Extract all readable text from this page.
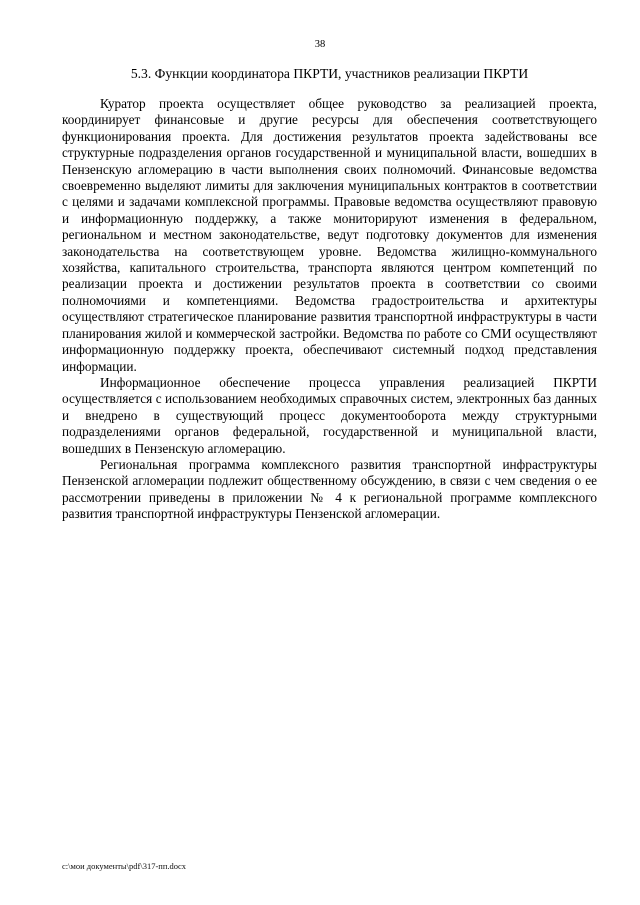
38
5.3. Функции координатора ПКРТИ, участников реализации ПКРТИ

Куратор проекта осуществляет общее руководство за реализацией проекта, координирует финансовые и другие ресурсы для обеспечения соответствующего функционирования проекта. Для достижения результатов проекта задействованы все структурные подразделения органов государственной и муниципальной власти, вошедших в Пензенскую агломерацию в части выполнения своих полномочий. Финансовые ведомства своевременно выделяют лимиты для заключения муниципальных контрактов в соответствии с целями и задачами комплексной программы. Правовые ведомства осуществляют правовую и информационную поддержку, а также мониторируют изменения в федеральном, региональном и местном законодательстве, ведут подготовку документов для изменения законодательства на соответствующем уровне. Ведомства жилищно-коммунального хозяйства, капитального строительства, транспорта являются центром компетенций по реализации проекта и достижении результатов проекта в соответствии со своими полномочиями и компетенциями. Ведомства градостроительства и архитектуры осуществляют стратегическое планирование развития транспортной инфраструктуры в части планирования жилой и коммерческой застройки. Ведомства по работе со СМИ осуществляют информационную поддержку проекта, обеспечивают системный подход представления информации.

Информационное обеспечение процесса управления реализацией ПКРТИ осуществляется с использованием необходимых справочных систем, электронных баз данных и внедрено в существующий процесс документооборота между структурными подразделениями органов федеральной, государственной и муниципальной власти, вошедших в Пензенскую агломерацию.

Региональная программа комплексного развития транспортной инфраструктуры Пензенской агломерации подлежит общественному обсуждению, в связи с чем сведения о ее рассмотрении приведены в приложении № 4 к региональной программе комплексного развития транспортной инфраструктуры Пензенской агломерации.

c:\мои документы\pdf\317-пп.docx
